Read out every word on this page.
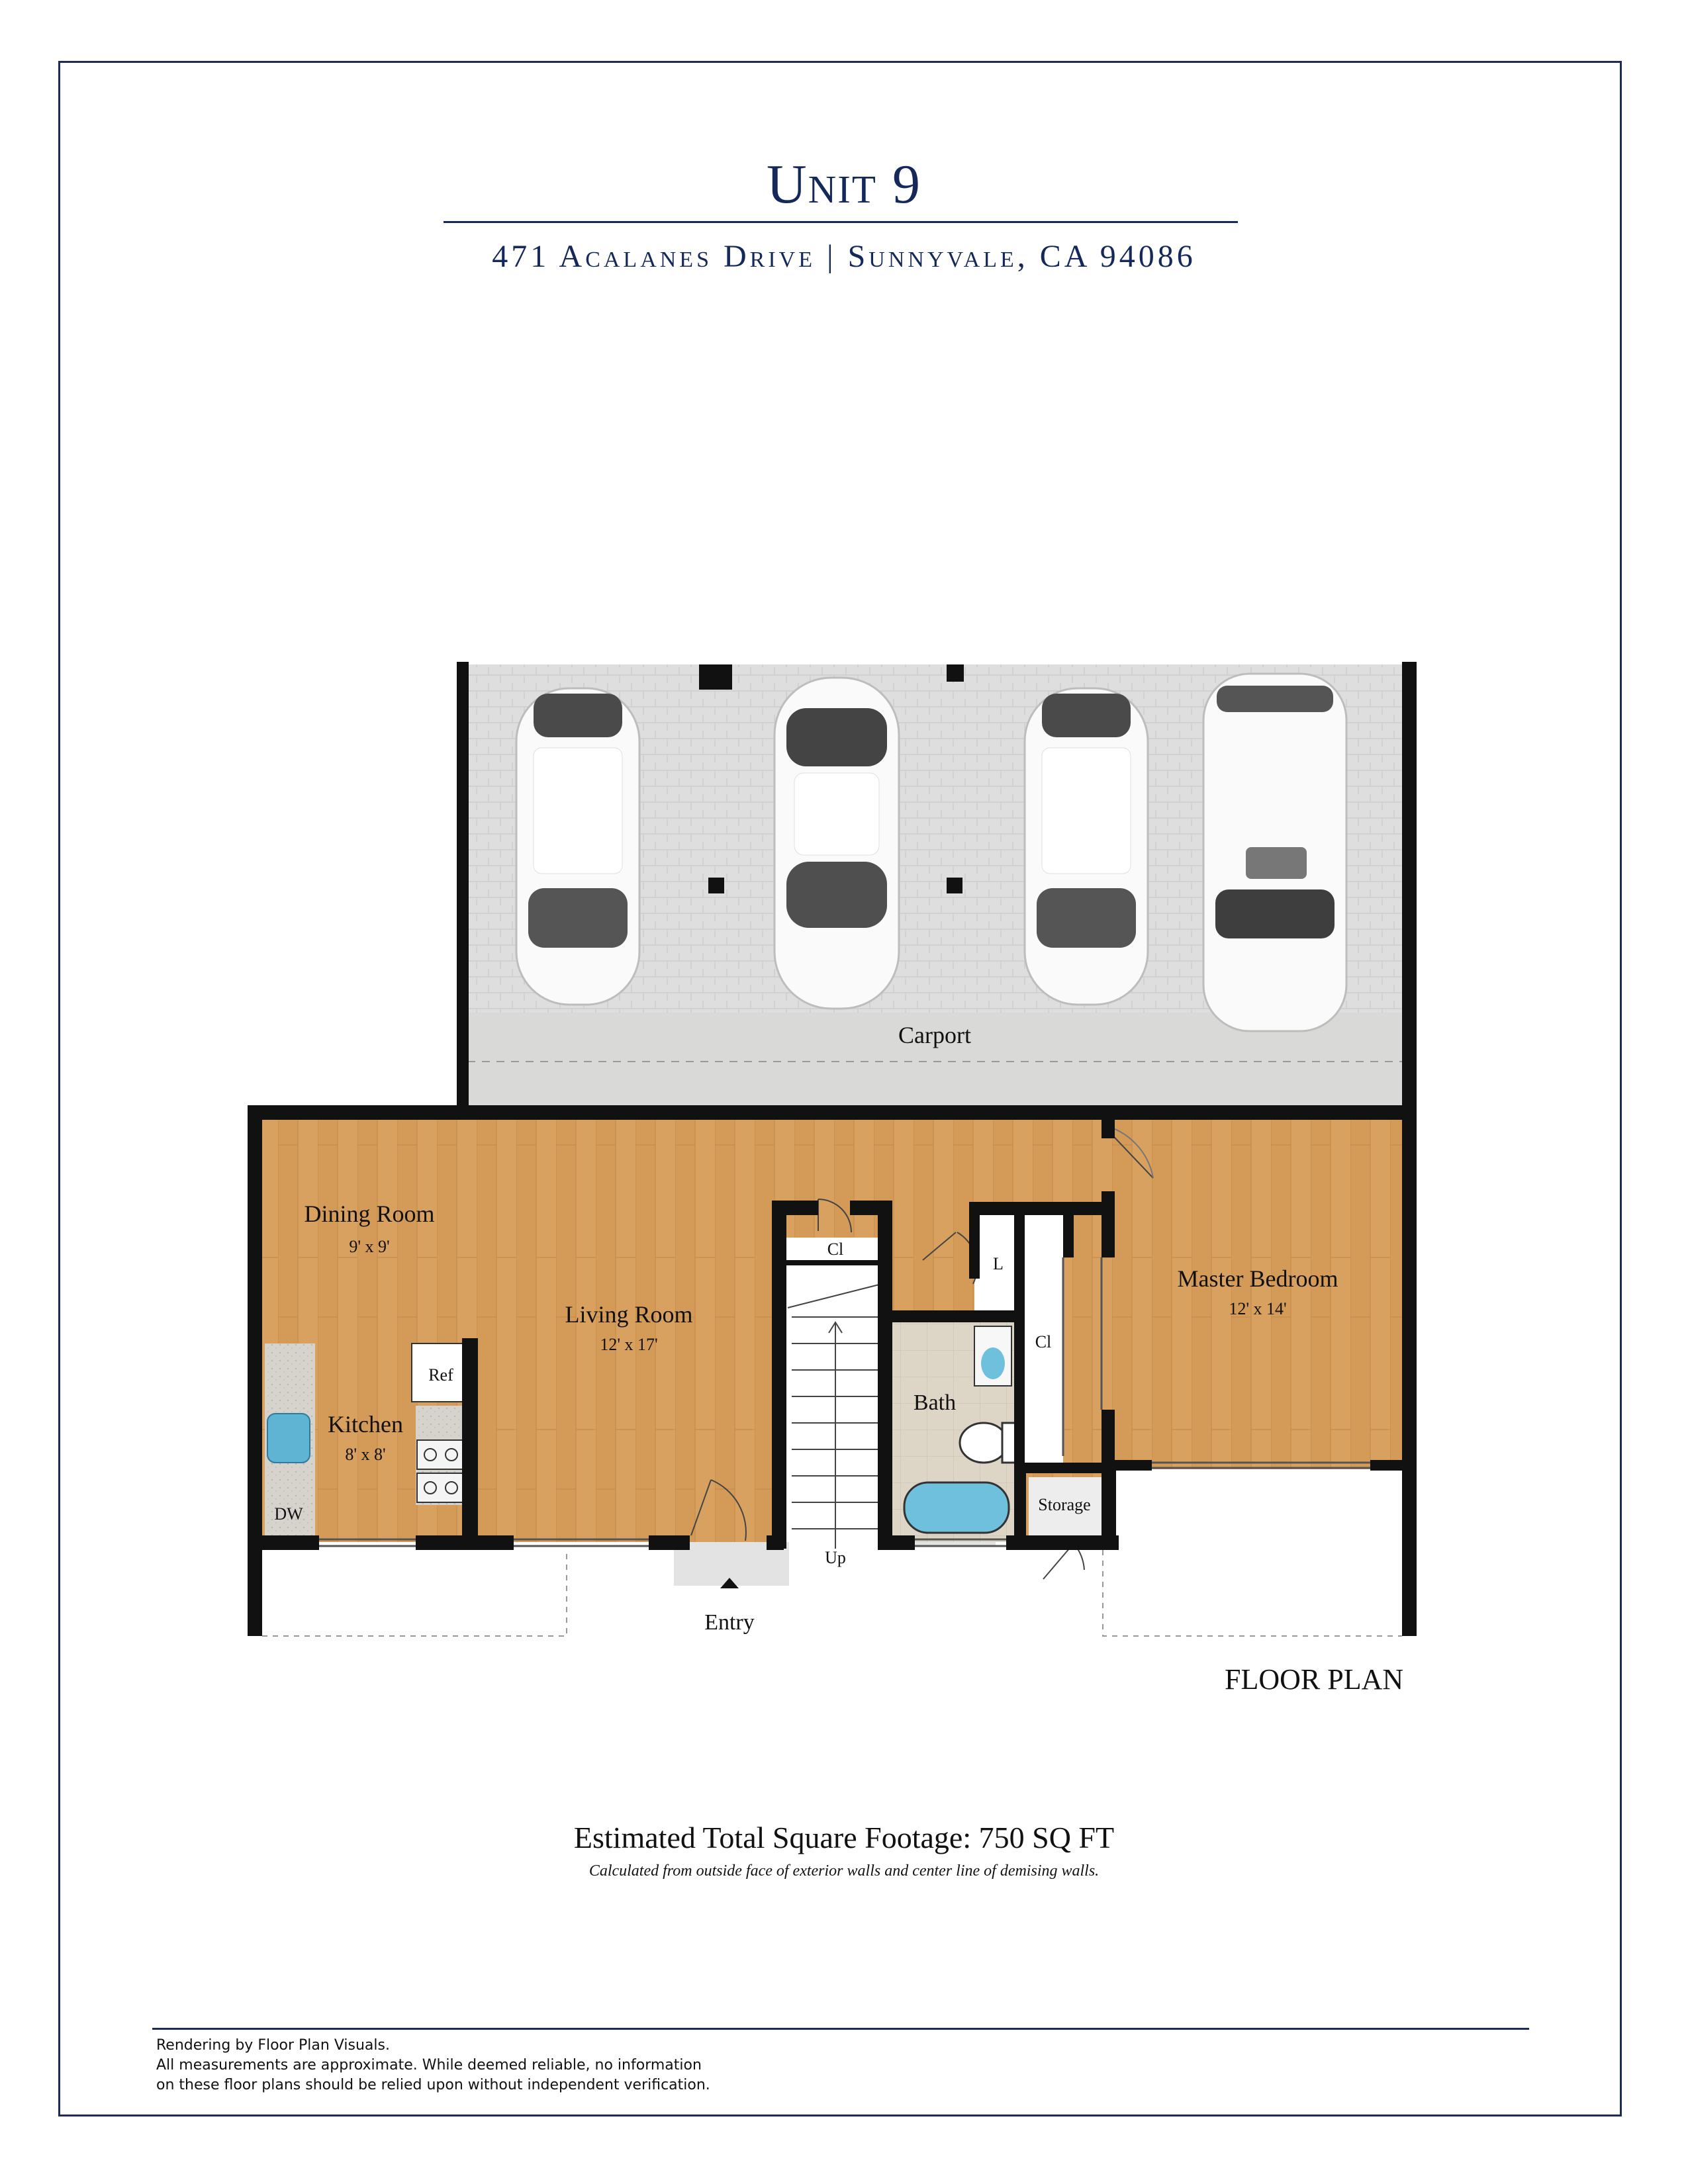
Unit 9
471 Acalanes Drive | Sunnyvale, CA 94086
Carport
Dining Room
9' x 9'
Living Room
12' x 17'
Kitchen
8' x 8'
Bath
Master Bedroom
12' x 14'
Storage
Ref
DW
Cl
Cl
L
Up
Entry
FLOOR PLAN
Estimated Total Square Footage: 750 SQ FT
Calculated from outside face of exterior walls and center line of demising walls.
Rendering by Floor Plan Visuals.
All measurements are approximate. While deemed reliable, no information
on these floor plans should be relied upon without independent verification.
